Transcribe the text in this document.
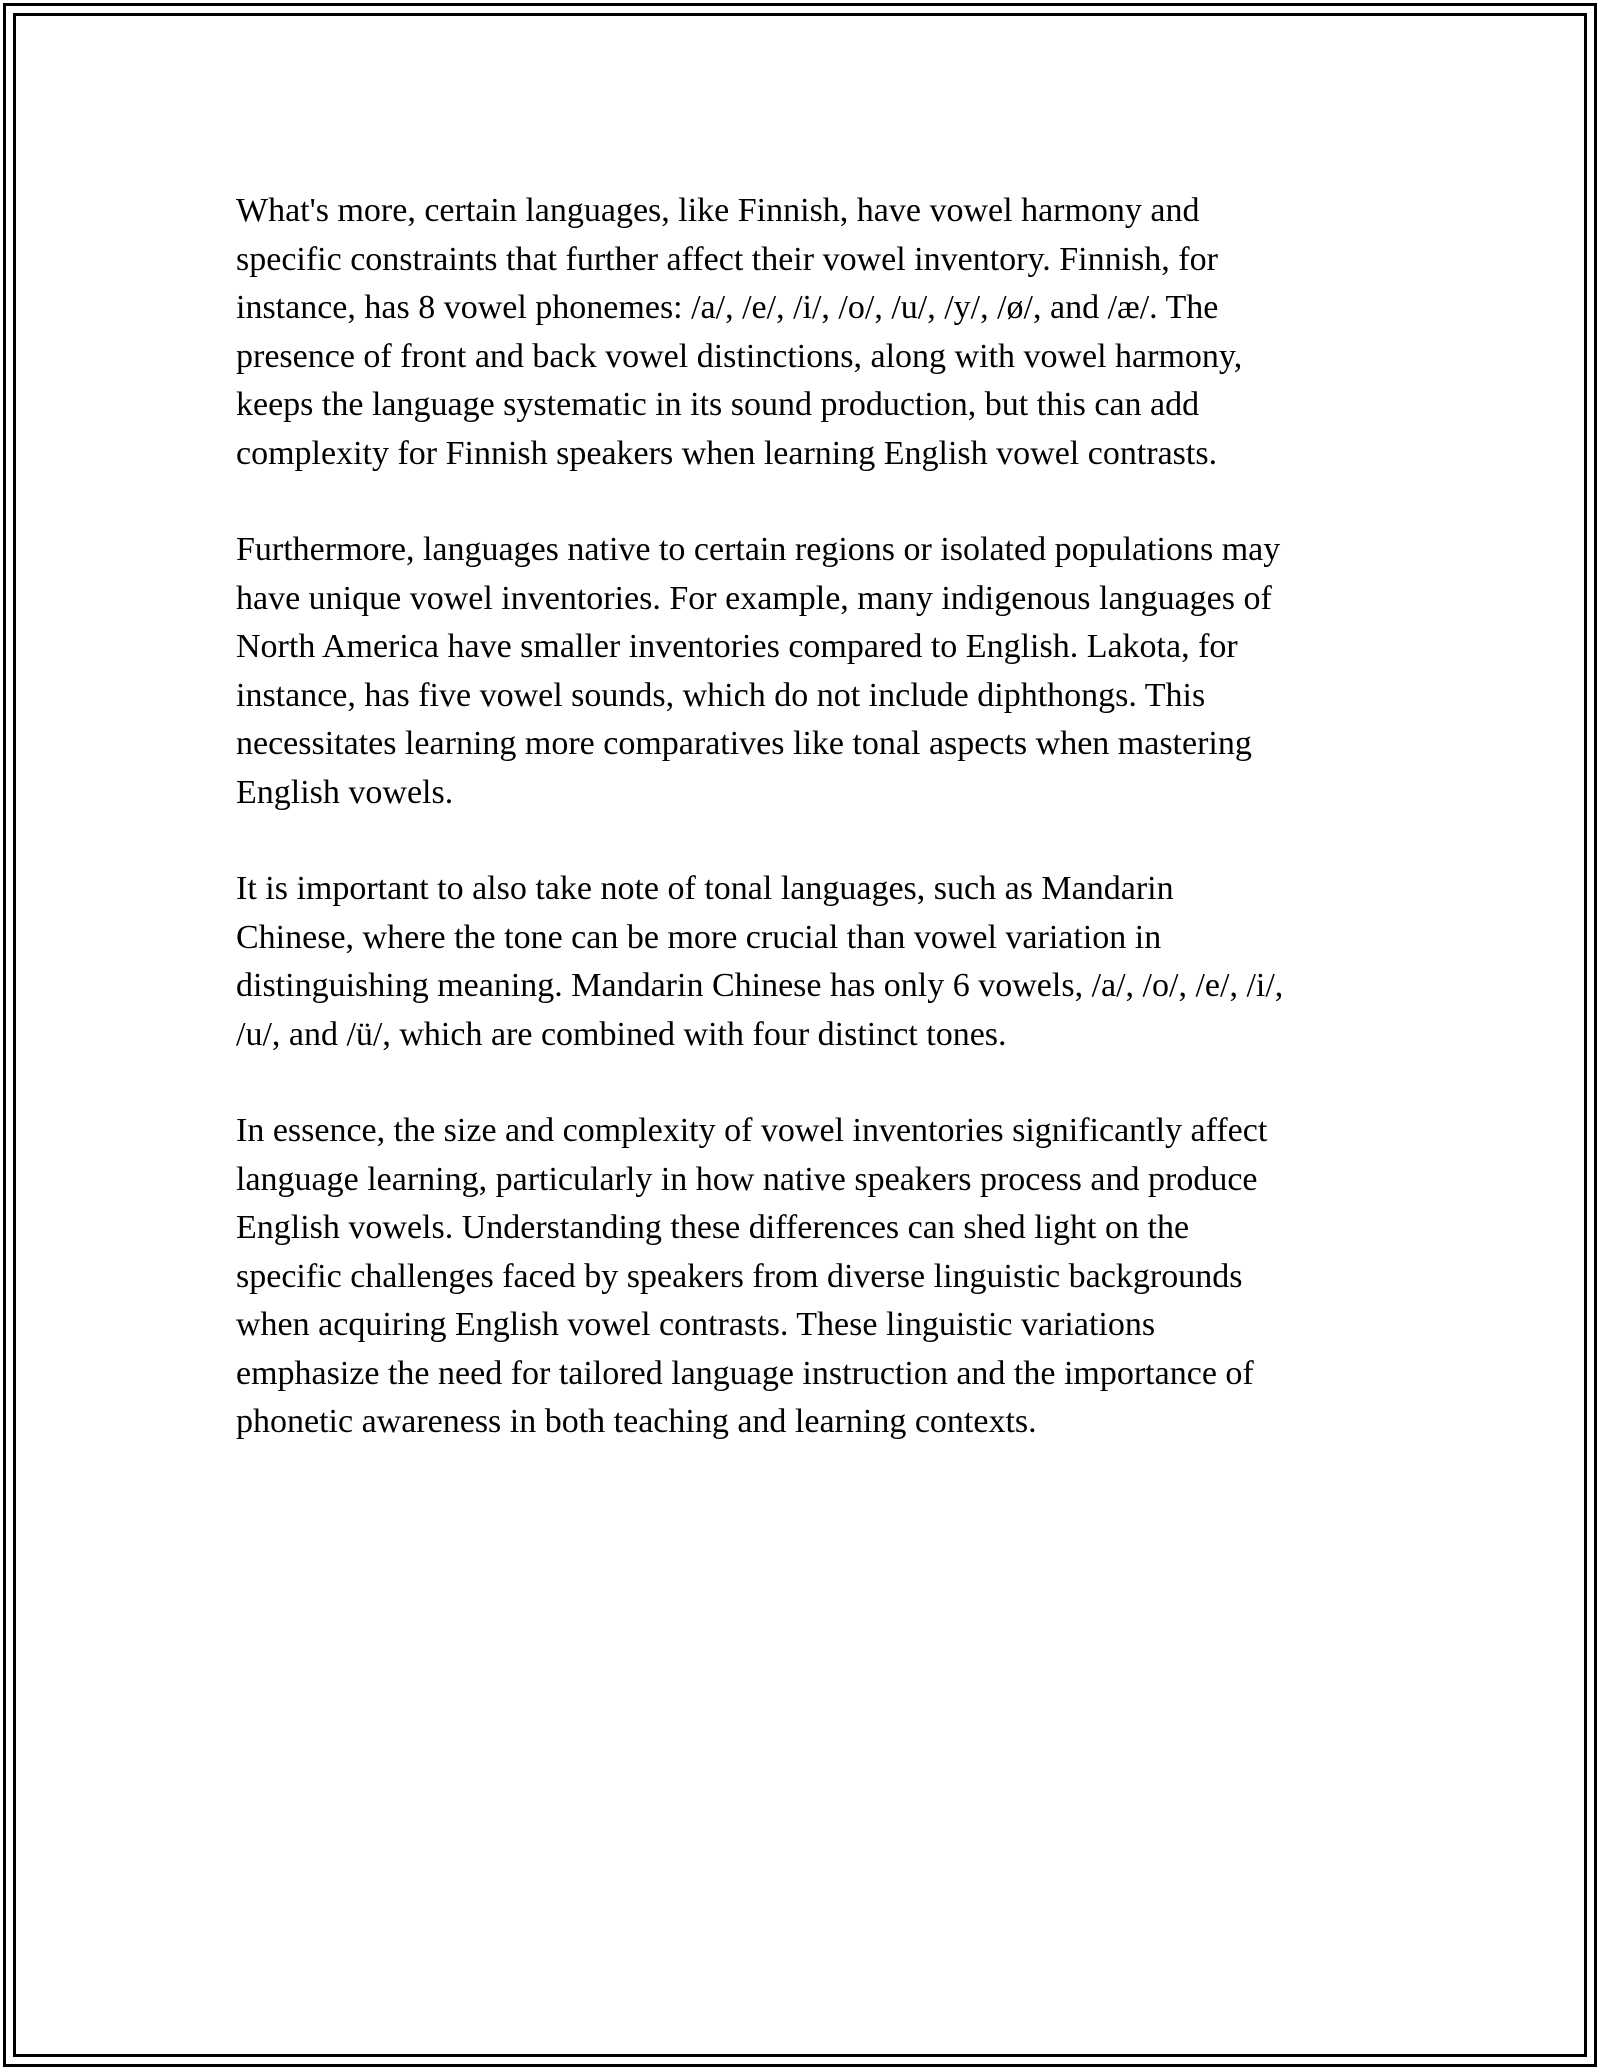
What's more, certain languages, like Finnish, have vowel harmony and
specific constraints that further affect their vowel inventory. Finnish, for
instance, has 8 vowel phonemes: /a/, /e/, /i/, /o/, /u/, /y/, /ø/, and /æ/. The
presence of front and back vowel distinctions, along with vowel harmony,
keeps the language systematic in its sound production, but this can add
complexity for Finnish speakers when learning English vowel contrasts.

Furthermore, languages native to certain regions or isolated populations may
have unique vowel inventories. For example, many indigenous languages of
North America have smaller inventories compared to English. Lakota, for
instance, has five vowel sounds, which do not include diphthongs. This
necessitates learning more comparatives like tonal aspects when mastering
English vowels.

It is important to also take note of tonal languages, such as Mandarin
Chinese, where the tone can be more crucial than vowel variation in
distinguishing meaning. Mandarin Chinese has only 6 vowels, /a/, /o/, /e/, /i/,
/u/, and /ü/, which are combined with four distinct tones.

In essence, the size and complexity of vowel inventories significantly affect
language learning, particularly in how native speakers process and produce
English vowels. Understanding these differences can shed light on the
specific challenges faced by speakers from diverse linguistic backgrounds
when acquiring English vowel contrasts. These linguistic variations
emphasize the need for tailored language instruction and the importance of
phonetic awareness in both teaching and learning contexts.
